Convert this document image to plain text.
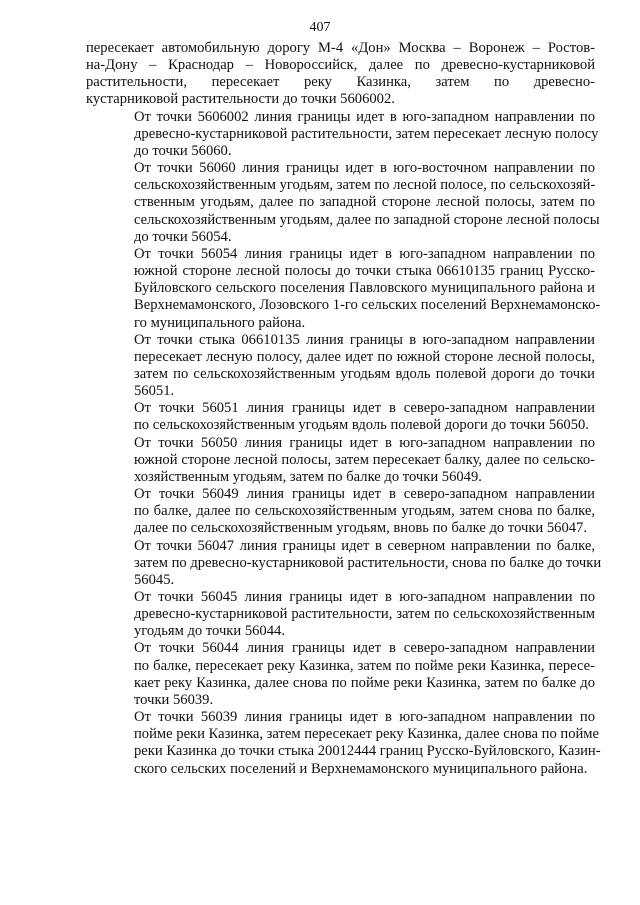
407
пересекает автомобильную дорогу М-4 «Дон» Москва – Воронеж – Ростов-
на-Дону – Краснодар – Новороссийск, далее по древесно-кустарниковой
растительности, пересекает реку Казинка, затем по древесно-
кустарниковой растительности до точки 5606002.
От точки 5606002 линия границы идет в юго-западном направлении по
древесно-кустарниковой растительности, затем пересекает лесную полосу
до точки 56060.
От точки 56060 линия границы идет в юго-восточном направлении по
сельскохозяйственным угодьям, затем по лесной полосе, по сельскохозяй-
ственным угодьям, далее по западной стороне лесной полосы, затем по
сельскохозяйственным угодьям, далее по западной стороне лесной полосы
до точки 56054.
От точки 56054 линия границы идет в юго-западном направлении по
южной стороне лесной полосы до точки стыка 06610135 границ Русско-
Буйловского сельского поселения Павловского муниципального района и
Верхнемамонского, Лозовского 1-го сельских поселений Верхнемамонско-
го муниципального района.
От точки стыка 06610135 линия границы в юго-западном направлении
пересекает лесную полосу, далее идет по южной стороне лесной полосы,
затем по сельскохозяйственным угодьям вдоль полевой дороги до точки
56051.
От точки 56051 линия границы идет в северо-западном направлении
по сельскохозяйственным угодьям вдоль полевой дороги до точки 56050.
От точки 56050 линия границы идет в юго-западном направлении по
южной стороне лесной полосы, затем пересекает балку, далее по сельско-
хозяйственным угодьям, затем по балке до точки 56049.
От точки 56049 линия границы идет в северо-западном направлении
по балке, далее по сельскохозяйственным угодьям, затем снова по балке,
далее по сельскохозяйственным угодьям, вновь по балке до точки 56047.
От точки 56047 линия границы идет в северном направлении по балке,
затем по древесно-кустарниковой растительности, снова по балке до точки
56045.
От точки 56045 линия границы идет в юго-западном направлении по
древесно-кустарниковой растительности, затем по сельскохозяйственным
угодьям до точки 56044.
От точки 56044 линия границы идет в северо-западном направлении
по балке, пересекает реку Казинка, затем по пойме реки Казинка, пересе-
кает реку Казинка, далее снова по пойме реки Казинка, затем по балке до
точки 56039.
От точки 56039 линия границы идет в юго-западном направлении по
пойме реки Казинка, затем пересекает реку Казинка, далее снова по пойме
реки Казинка до точки стыка 20012444 границ Русско-Буйловского, Казин-
ского сельских поселений и Верхнемамонского муниципального района.
